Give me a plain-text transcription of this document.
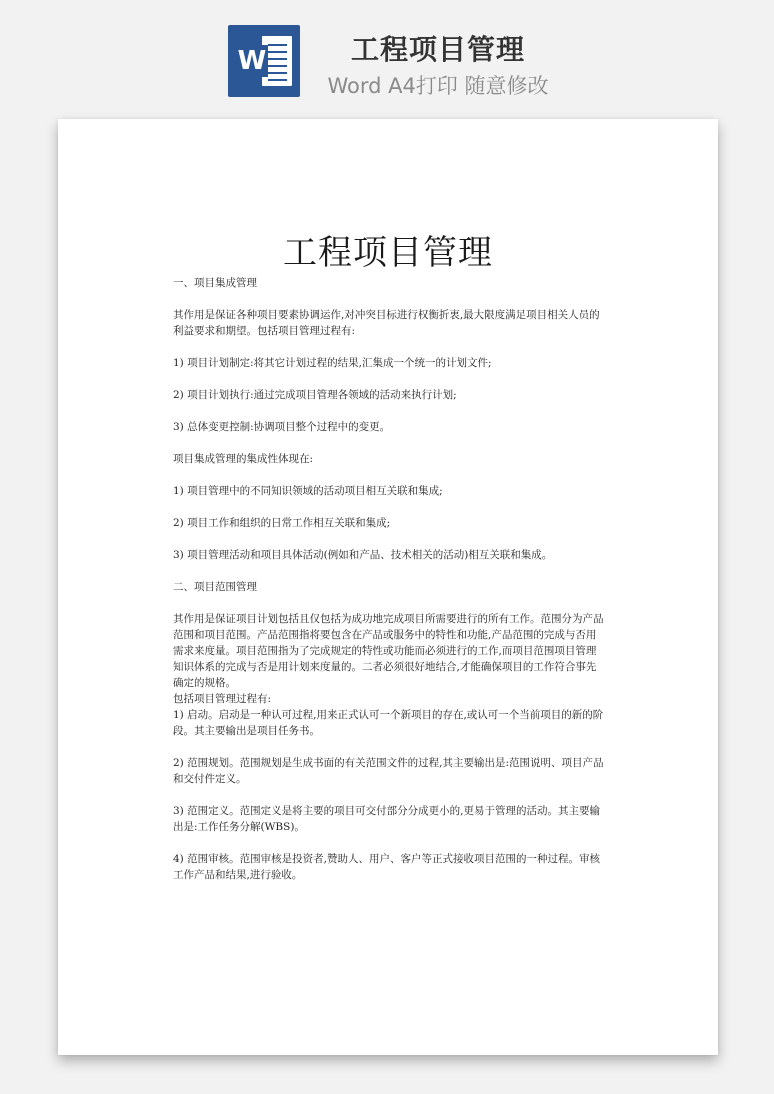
W	工程项目管理
Word A4打印 随意修改
工程项目管理

一、项目集成管理

其作用是保证各种项目要素协调运作,对冲突目标进行权衡折衷,最大限度满足项目相关人员的利益要求和期望。包括项目管理过程有:

1) 项目计划制定:将其它计划过程的结果,汇集成一个统一的计划文件;

2) 项目计划执行:通过完成项目管理各领域的活动来执行计划;

3) 总体变更控制:协调项目整个过程中的变更。

项目集成管理的集成性体现在:

1) 项目管理中的不同知识领域的活动项目相互关联和集成;

2) 项目工作和组织的日常工作相互关联和集成;

3) 项目管理活动和项目具体活动(例如和产品、技术相关的活动)相互关联和集成。

二、项目范围管理

其作用是保证项目计划包括且仅包括为成功地完成项目所需要进行的所有工作。范围分为产品范围和项目范围。产品范围指将要包含在产品或服务中的特性和功能,产品范围的完成与否用需求来度量。项目范围指为了完成规定的特性或功能而必须进行的工作,而项目范围项目管理知识体系的完成与否是用计划来度量的。二者必须很好地结合,才能确保项目的工作符合事先确定的规格。

包括项目管理过程有:

1) 启动。启动是一种认可过程,用来正式认可一个新项目的存在,或认可一个当前项目的新的阶段。其主要输出是项目任务书。

2) 范围规划。范围规划是生成书面的有关范围文件的过程,其主要输出是:范围说明、项目产品和交付件定义。

3) 范围定义。范围定义是将主要的项目可交付部分分成更小的,更易于管理的活动。其主要输出是:工作任务分解(WBS)。

4) 范围审核。范围审核是投资者,赞助人、用户、客户等正式接收项目范围的一种过程。审核工作产品和结果,进行验收。
